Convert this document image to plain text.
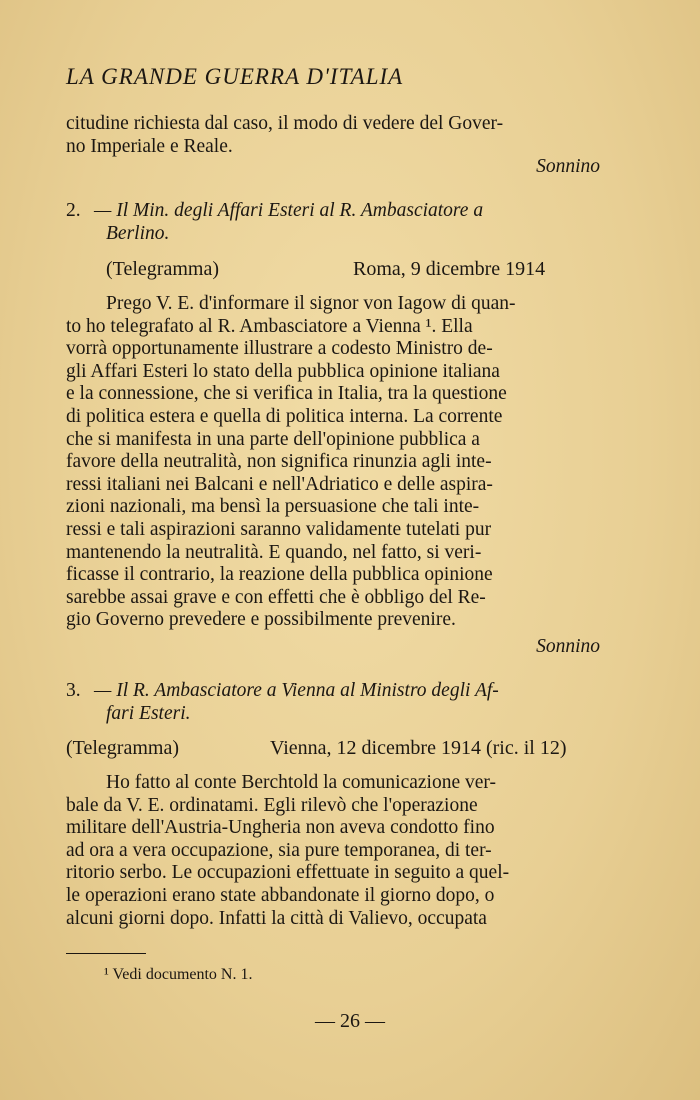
LA GRANDE GUERRA D'ITALIA
citudine richiesta dal caso, il modo di vedere del Gover-
no Imperiale e Reale.
Sonnino
2. — Il Min. degli Affari Esteri al R. Ambasciatore a
Berlino.
(Telegramma)	Roma, 9 dicembre 1914
Prego V. E. d'informare il signor von Iagow di quan-
to ho telegrafato al R. Ambasciatore a Vienna ¹. Ella
vorrà opportunamente illustrare a codesto Ministro de-
gli Affari Esteri lo stato della pubblica opinione italiana
e la connessione, che si verifica in Italia, tra la questione
di politica estera e quella di politica interna. La corrente
che si manifesta in una parte dell'opinione pubblica a
favore della neutralità, non significa rinunzia agli inte-
ressi italiani nei Balcani e nell'Adriatico e delle aspira-
zioni nazionali, ma bensì la persuasione che tali inte-
ressi e tali aspirazioni saranno validamente tutelati pur
mantenendo la neutralità. E quando, nel fatto, si veri-
ficasse il contrario, la reazione della pubblica opinione
sarebbe assai grave e con effetti che è obbligo del Re-
gio Governo prevedere e possibilmente prevenire.
Sonnino
3. — Il R. Ambasciatore a Vienna al Ministro degli Af-
fari Esteri.
(Telegramma)	Vienna, 12 dicembre 1914 (ric. il 12)
Ho fatto al conte Berchtold la comunicazione ver-
bale da V. E. ordinatami. Egli rilevò che l'operazione
militare dell'Austria-Ungheria non aveva condotto fino
ad ora a vera occupazione, sia pure temporanea, di ter-
ritorio serbo. Le occupazioni effettuate in seguito a quel-
le operazioni erano state abbandonate il giorno dopo, o
alcuni giorni dopo. Infatti la città di Valievo, occupata
¹ Vedi documento N. 1.
— 26 —
